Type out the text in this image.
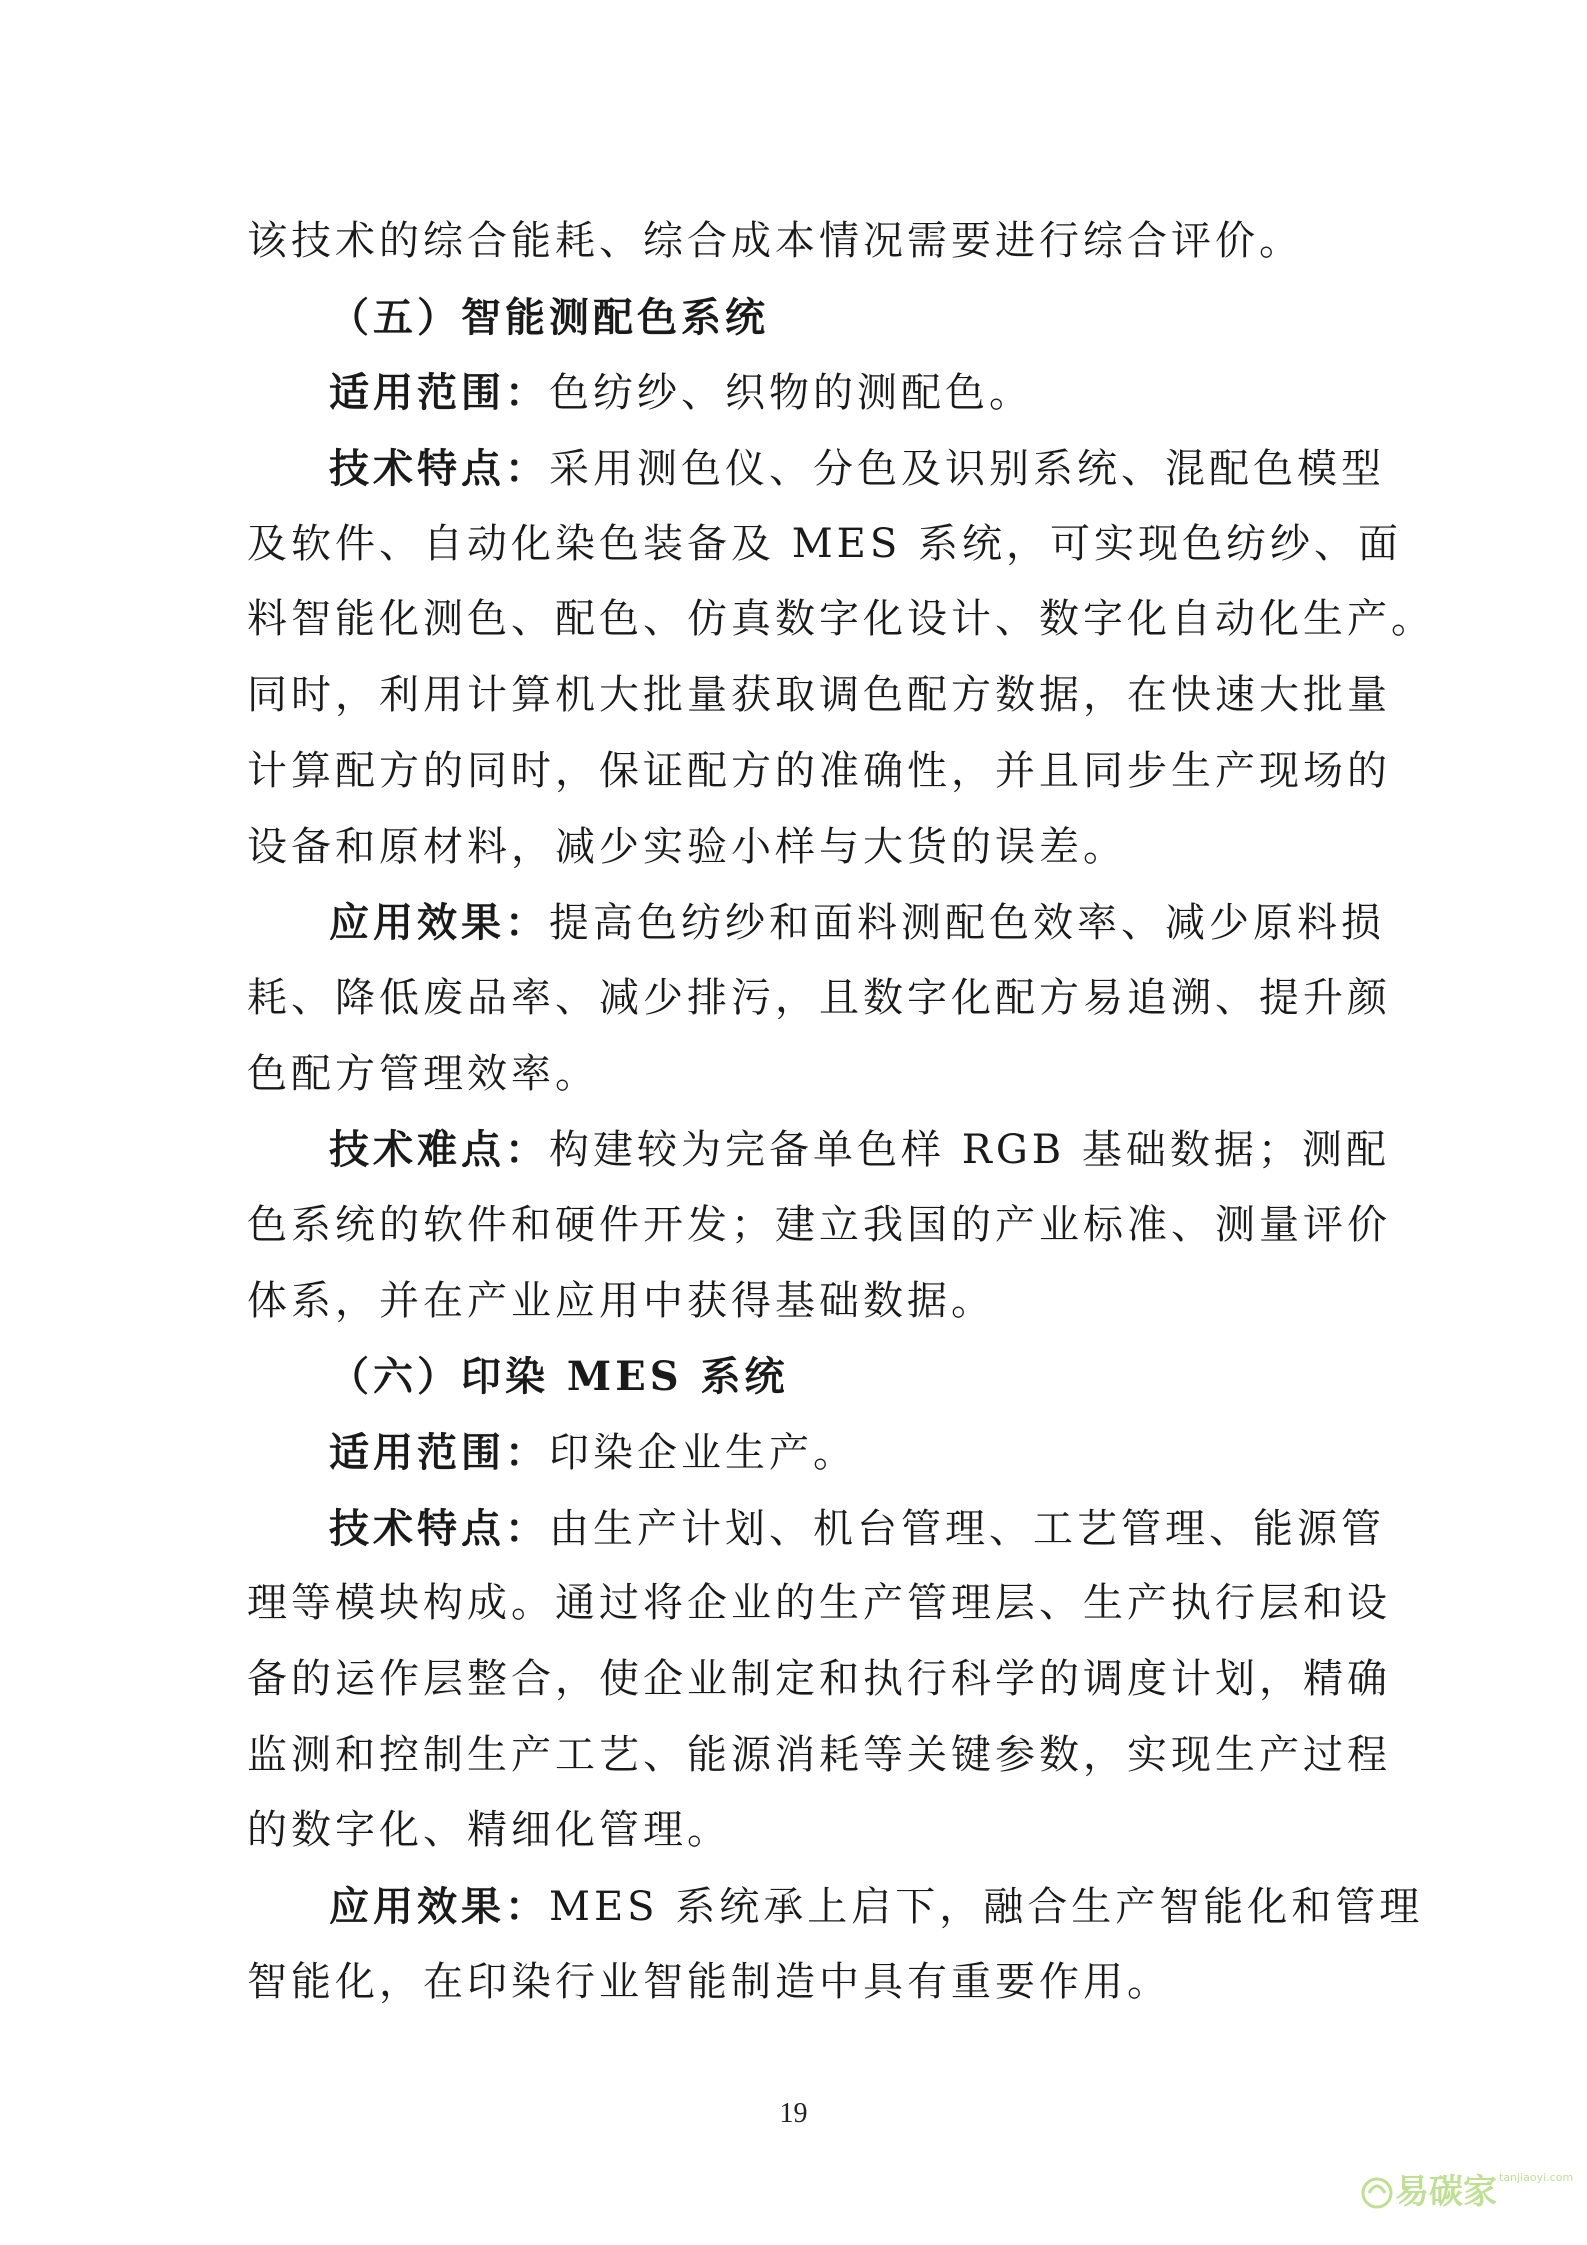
该技术的综合能耗、综合成本情况需要进行综合评价。
（五）智能测配色系统
适用范围：色纺纱、织物的测配色。
技术特点：采用测色仪、分色及识别系统、混配色模型
及软件、自动化染色装备及 MES 系统，可实现色纺纱、面
料智能化测色、配色、仿真数字化设计、数字化自动化生产。
同时，利用计算机大批量获取调色配方数据，在快速大批量
计算配方的同时，保证配方的准确性，并且同步生产现场的
设备和原材料，减少实验小样与大货的误差。
应用效果：提高色纺纱和面料测配色效率、减少原料损
耗、降低废品率、减少排污，且数字化配方易追溯、提升颜
色配方管理效率。
技术难点：构建较为完备单色样 RGB 基础数据；测配
色系统的软件和硬件开发；建立我国的产业标准、测量评价
体系，并在产业应用中获得基础数据。
（六）印染 MES 系统
适用范围：印染企业生产。
技术特点：由生产计划、机台管理、工艺管理、能源管
理等模块构成。通过将企业的生产管理层、生产执行层和设
备的运作层整合，使企业制定和执行科学的调度计划，精确
监测和控制生产工艺、能源消耗等关键参数，实现生产过程
的数字化、精细化管理。
应用效果：MES 系统承上启下，融合生产智能化和管理
智能化，在印染行业智能制造中具有重要作用。
19
易碳家 tanjiaoyi.com
